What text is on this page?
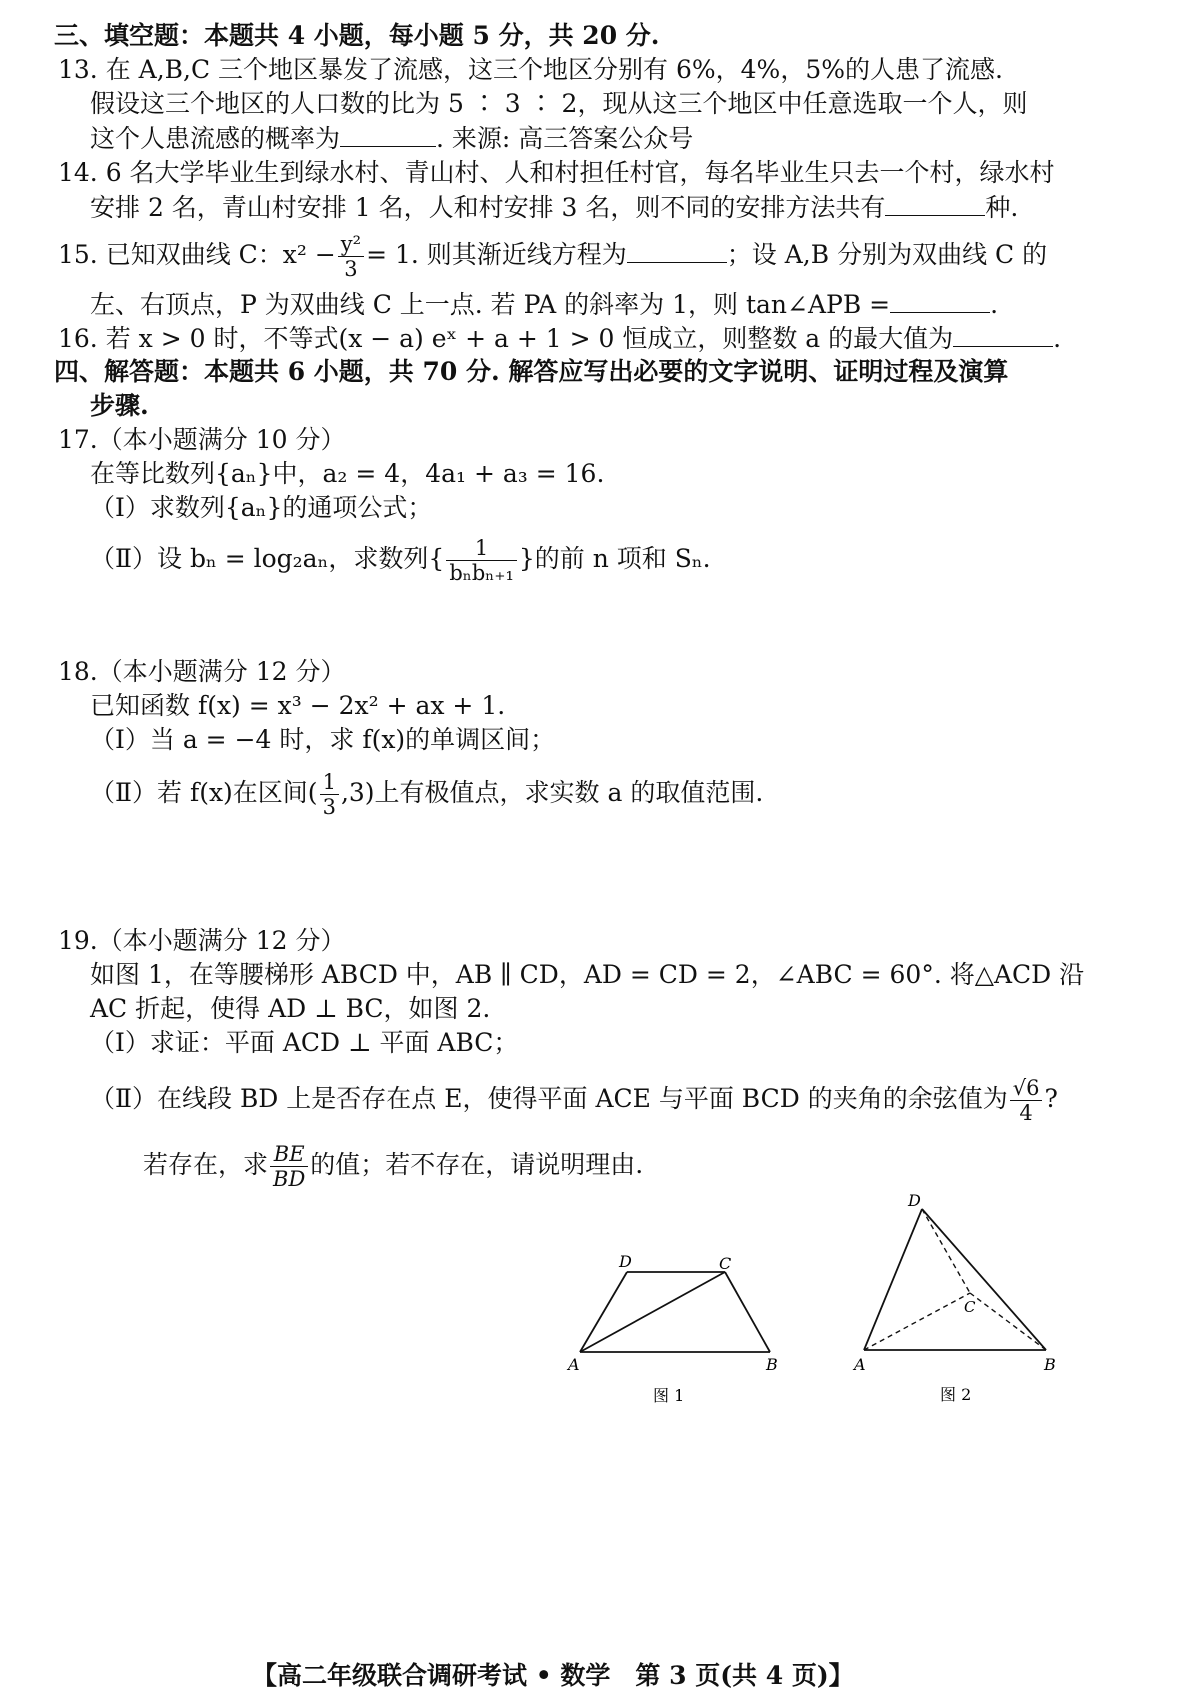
三、填空题：本题共 4 小题，每小题 5 分，共 20 分.
13. 在 A,B,C 三个地区暴发了流感，这三个地区分别有 6%，4%，5%的人患了流感.
假设这三个地区的人口数的比为 5 ∶ 3 ∶ 2，现从这三个地区中任意选取一个人，则
这个人患流感的概率为	. 来源: 高三答案公众号
14. 6 名大学毕业生到绿水村、青山村、人和村担任村官，每名毕业生只去一个村，绿水村
安排 2 名，青山村安排 1 名，人和村安排 3 名，则不同的安排方法共有	种.
15. 已知双曲线 C：$x^2 - \frac{\text{y²}}{3} = 1$. 则其渐近线方程为	；设 A,B 分别为双曲线 C 的
左、右顶点，P 为双曲线 C 上一点. 若 PA 的斜率为 1，则 tan∠APB =	.
16. 若 x > 0 时，不等式(x − a) eˣ + a + 1 > 0 恒成立，则整数 a 的最大值为	.
四、解答题：本题共 6 小题，共 70 分. 解答应写出必要的文字说明、证明过程及演算
步骤.
17.（本小题满分 10 分）
在等比数列{aₙ}中，a₂ = 4，4a₁ + a₃ = 16.
（Ⅰ）求数列{aₙ}的通项公式；
（Ⅱ）设 bₙ = log₂aₙ，求数列{ $\frac{1}{\text{bₙbₙ₊₁}}$ }的前 n 项和 Sₙ.
18.（本小题满分 12 分）
已知函数 f(x) = x³ − 2x² + ax + 1.
（Ⅰ）当 a = −4 时，求 f(x)的单调区间；
（Ⅱ）若 f(x)在区间( $\frac{1}{3} ,3$)上有极值点，求实数 a 的取值范围.
19.（本小题满分 12 分）
如图 1，在等腰梯形 ABCD 中，AB ∥ CD，AD = CD = 2，∠ABC = 60°. 将△ACD 沿
AC 折起，使得 AD ⊥ BC，如图 2.
（Ⅰ）求证：平面 ACD ⊥ 平面 ABC；
（Ⅱ）在线段 BD 上是否存在点 E，使得平面 ACE 与平面 BCD 的夹角的余弦值为 $\frac{√6}{4}$ ?
若存在，求 $\frac{BE}{BD}$ 的值；若不存在，请说明理由.
A	B
C
D
图 1
A	B
C
D
图 2
【高二年级联合调研考试 • 数学　第 3 页(共 4 页)】
